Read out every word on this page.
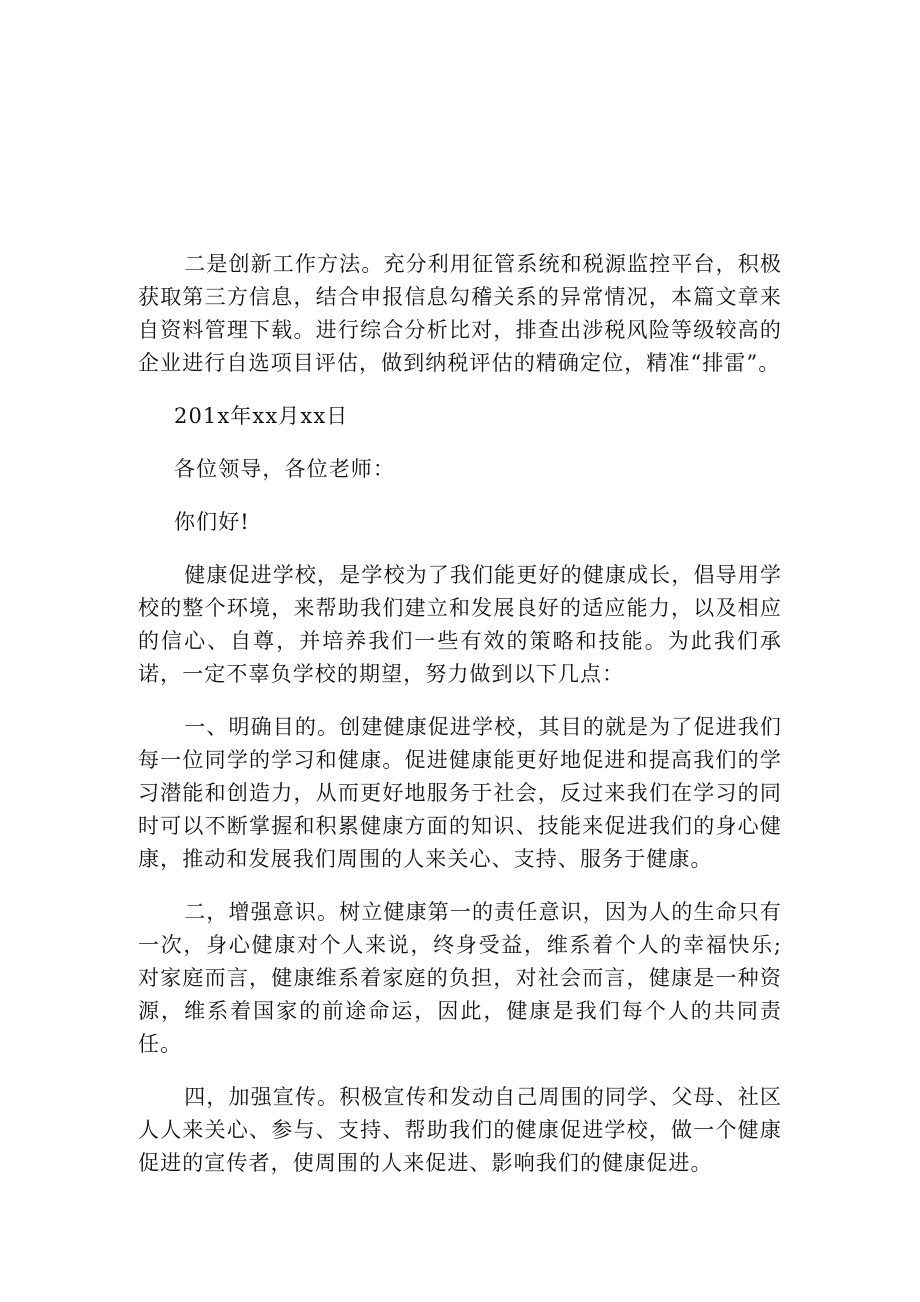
二是创新工作方法。充分利用征管系统和税源监控平台，积极获取第三方信息，结合申报信息勾稽关系的异常情况，本篇文章来自资料管理下载。进行综合分析比对，排查出涉税风险等级较高的企业进行自选项目评估，做到纳税评估的精确定位，精准“排雷”。

201x年xx月xx日

各位领导，各位老师：

你们好!

健康促进学校，是学校为了我们能更好的健康成长，倡导用学校的整个环境，来帮助我们建立和发展良好的适应能力，以及相应的信心、自尊，并培养我们一些有效的策略和技能。为此我们承诺，一定不辜负学校的期望，努力做到以下几点：

一、明确目的。创建健康促进学校，其目的就是为了促进我们每一位同学的学习和健康。促进健康能更好地促进和提高我们的学习潜能和创造力，从而更好地服务于社会，反过来我们在学习的同时可以不断掌握和积累健康方面的知识、技能来促进我们的身心健康，推动和发展我们周围的人来关心、支持、服务于健康。

二，增强意识。树立健康第一的责任意识，因为人的生命只有一次，身心健康对个人来说，终身受益，维系着个人的幸福快乐;对家庭而言，健康维系着家庭的负担，对社会而言，健康是一种资源，维系着国家的前途命运，因此，健康是我们每个人的共同责任。

四，加强宣传。积极宣传和发动自己周围的同学、父母、社区人人来关心、参与、支持、帮助我们的健康促进学校，做一个健康促进的宣传者，使周围的人来促进、影响我们的健康促进。
